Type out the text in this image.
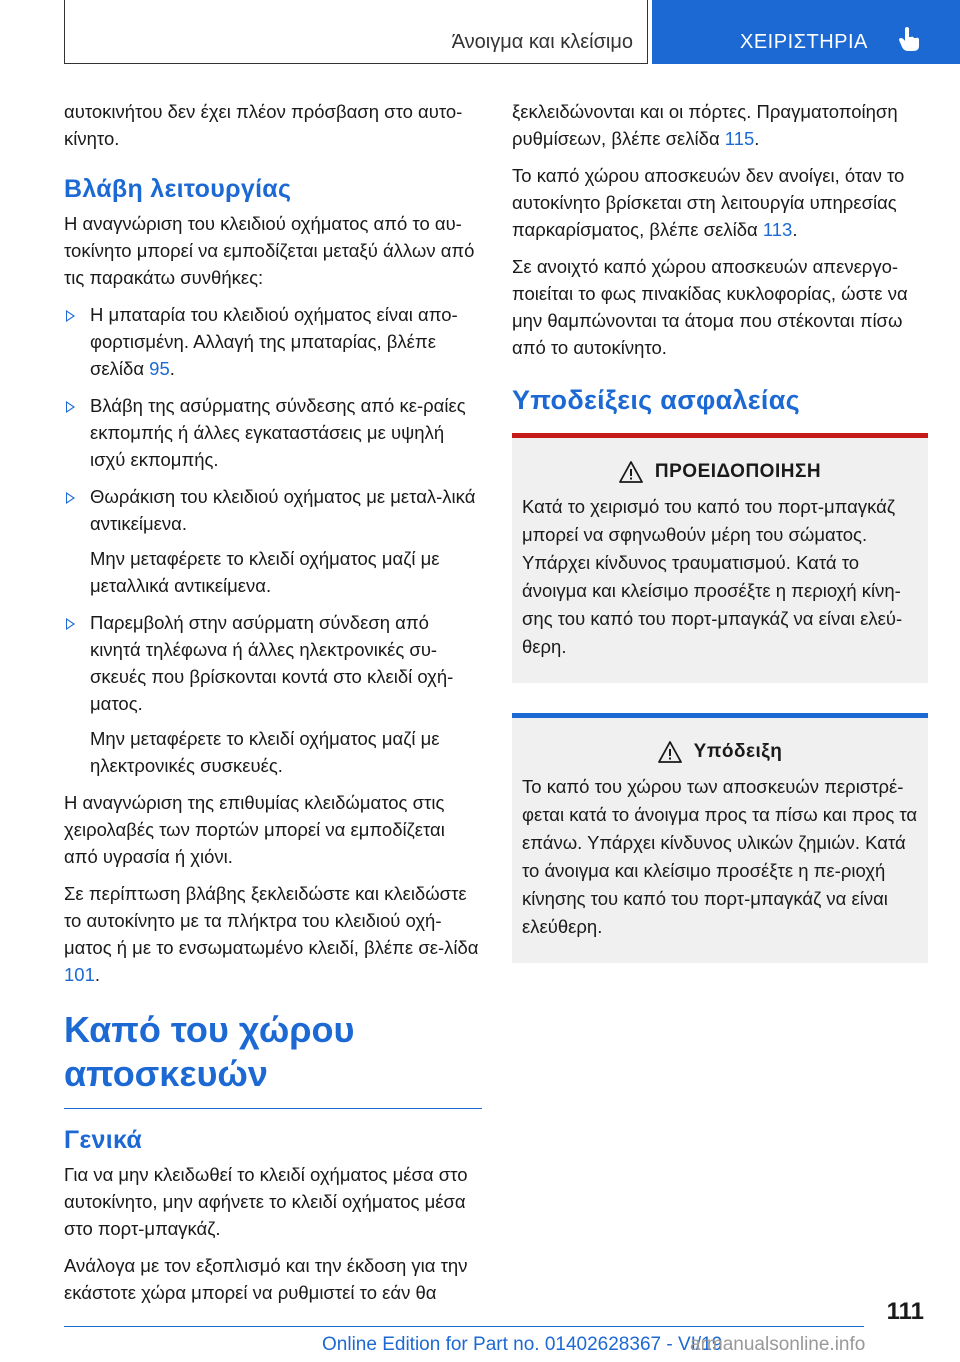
Άνοιγμα και κλείσιμο	ΧΕΙΡΙΣΤΗΡΙΑ

αυτοκινήτου δεν έχει πλέον πρόσβαση στο αυτο-κίνητο.

Βλάβη λειτουργίας

Η αναγνώριση του κλειδιού οχήματος από το αυ-τοκίνητο μπορεί να εμποδίζεται μεταξύ άλλων από τις παρακάτω συνθήκες:

Η μπαταρία του κλειδιού οχήματος είναι απο-φορτισμένη. Αλλαγή της μπαταρίας, βλέπε σελίδα 95.
Βλάβη της ασύρματης σύνδεσης από κε-ραίες εκπομπής ή άλλες εγκαταστάσεις με υψηλή ισχύ εκπομπής.
Θωράκιση του κλειδιού οχήματος με μεταλ-λικά αντικείμενα.
Μην μεταφέρετε το κλειδί οχήματος μαζί με μεταλλικά αντικείμενα.
Παρεμβολή στην ασύρματη σύνδεση από κινητά τηλέφωνα ή άλλες ηλεκτρονικές συ-σκευές που βρίσκονται κοντά στο κλειδί οχή-ματος.
Μην μεταφέρετε το κλειδί οχήματος μαζί με ηλεκτρονικές συσκευές.

Η αναγνώριση της επιθυμίας κλειδώματος στις χειρολαβές των πορτών μπορεί να εμποδίζεται από υγρασία ή χιόνι.

Σε περίπτωση βλάβης ξεκλειδώστε και κλειδώστε το αυτοκίνητο με τα πλήκτρα του κλειδιού οχή-ματος ή με το ενσωματωμένο κλειδί, βλέπε σε-λίδα 101.

Καπό του χώρου αποσκευών
Γενικά

Για να μην κλειδωθεί το κλειδί οχήματος μέσα στο αυτοκίνητο, μην αφήνετε το κλειδί οχήματος μέσα στο πορτ-μπαγκάζ.

Ανάλογα με τον εξοπλισμό και την έκδοση για την εκάστοτε χώρα μπορεί να ρυθμιστεί το εάν θα

ξεκλειδώνονται και οι πόρτες. Πραγματοποίηση ρυθμίσεων, βλέπε σελίδα 115.

Το καπό χώρου αποσκευών δεν ανοίγει, όταν το αυτοκίνητο βρίσκεται στη λειτουργία υπηρεσίας παρκαρίσματος, βλέπε σελίδα 113.

Σε ανοιχτό καπό χώρου αποσκευών απενεργο-ποιείται το φως πινακίδας κυκλοφορίας, ώστε να μην θαμπώνονται τα άτομα που στέκονται πίσω από το αυτοκίνητο.

Υποδείξεις ασφαλείας
ΠΡΟΕΙΔΟΠΟΙΗΣΗ
Κατά το χειρισμό του καπό του πορτ-μπαγκάζ μπορεί να σφηνωθούν μέρη του σώματος. Υπάρχει κίνδυνος τραυματισμού. Κατά το άνοιγμα και κλείσιμο προσέξτε η περιοχή κίνη-σης του καπό του πορτ-μπαγκάζ να είναι ελεύ-θερη.
Υπόδειξη
Το καπό του χώρου των αποσκευών περιστρέ-φεται κατά το άνοιγμα προς τα πίσω και προς τα επάνω. Υπάρχει κίνδυνος υλικών ζημιών. Κατά το άνοιγμα και κλείσιμο προσέξτε η πε-ριοχή κίνησης του καπό του πορτ-μπαγκάζ να είναι ελεύθερη.
111
Online Edition for Part no. 01402628367 - VI/19
armanualsonline.info
